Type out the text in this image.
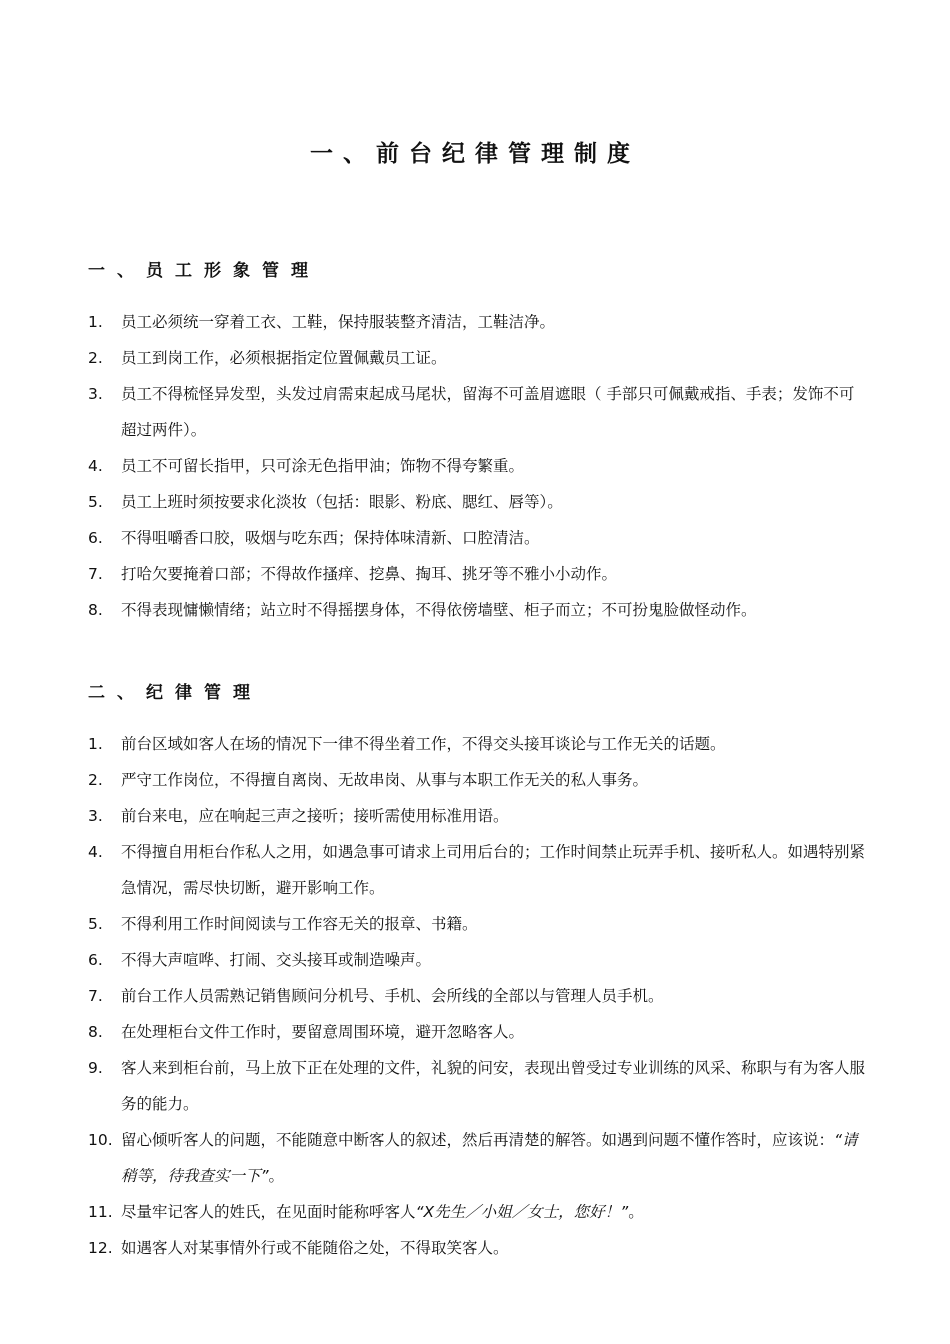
一、前台纪律管理制度
一、员工形象管理
1.	员工必须统一穿着工衣、工鞋，保持服装整齐清洁，工鞋洁净。
2.	员工到岗工作，必须根据指定位置佩戴员工证。
3.	员工不得梳怪异发型，头发过肩需束起成马尾状，留海不可盖眉遮眼（ 手部只可佩戴戒指、手表；发饰不可超过两件）。
4.	员工不可留长指甲，只可涂无色指甲油；饰物不得夸繁重。
5.	员工上班时须按要求化淡妆（包括：眼影、粉底、腮红、唇等）。
6.	不得咀嚼香口胶，吸烟与吃东西；保持体味清新、口腔清洁。
7.	打哈欠要掩着口部；不得故作搔痒、挖鼻、掏耳、挑牙等不雅小小动作。
8.	不得表现慵懒情绪；站立时不得摇摆身体，不得依傍墙壁、柜子而立；不可扮鬼脸做怪动作。
二、纪律管理
1.	前台区域如客人在场的情况下一律不得坐着工作，不得交头接耳谈论与工作无关的话题。
2.	严守工作岗位，不得擅自离岗、无故串岗、从事与本职工作无关的私人事务。
3.	前台来电，应在响起三声之接听；接听需使用标准用语。
4.	不得擅自用柜台作私人之用，如遇急事可请求上司用后台的；工作时间禁止玩弄手机、接听私人。如遇特别紧急情况，需尽快切断，避开影响工作。
5.	不得利用工作时间阅读与工作容无关的报章、书籍。
6.	不得大声喧哗、打闹、交头接耳或制造噪声。
7.	前台工作人员需熟记销售顾问分机号、手机、会所线的全部以与管理人员手机。
8.	在处理柜台文件工作时，要留意周围环境，避开忽略客人。
9.	客人来到柜台前，马上放下正在处理的文件，礼貌的问安，表现出曾受过专业训练的风采、称职与有为客人服务的能力。
10. 留心倾听客人的问题，不能随意中断客人的叙述，然后再清楚的解答。如遇到问题不懂作答时，应该说：“请稍等，待我查实一下”。
11. 尽量牢记客人的姓氏，在见面时能称呼客人“X先生／小姐／女士，您好！”。
12. 如遇客人对某事情外行或不能随俗之处，不得取笑客人。
